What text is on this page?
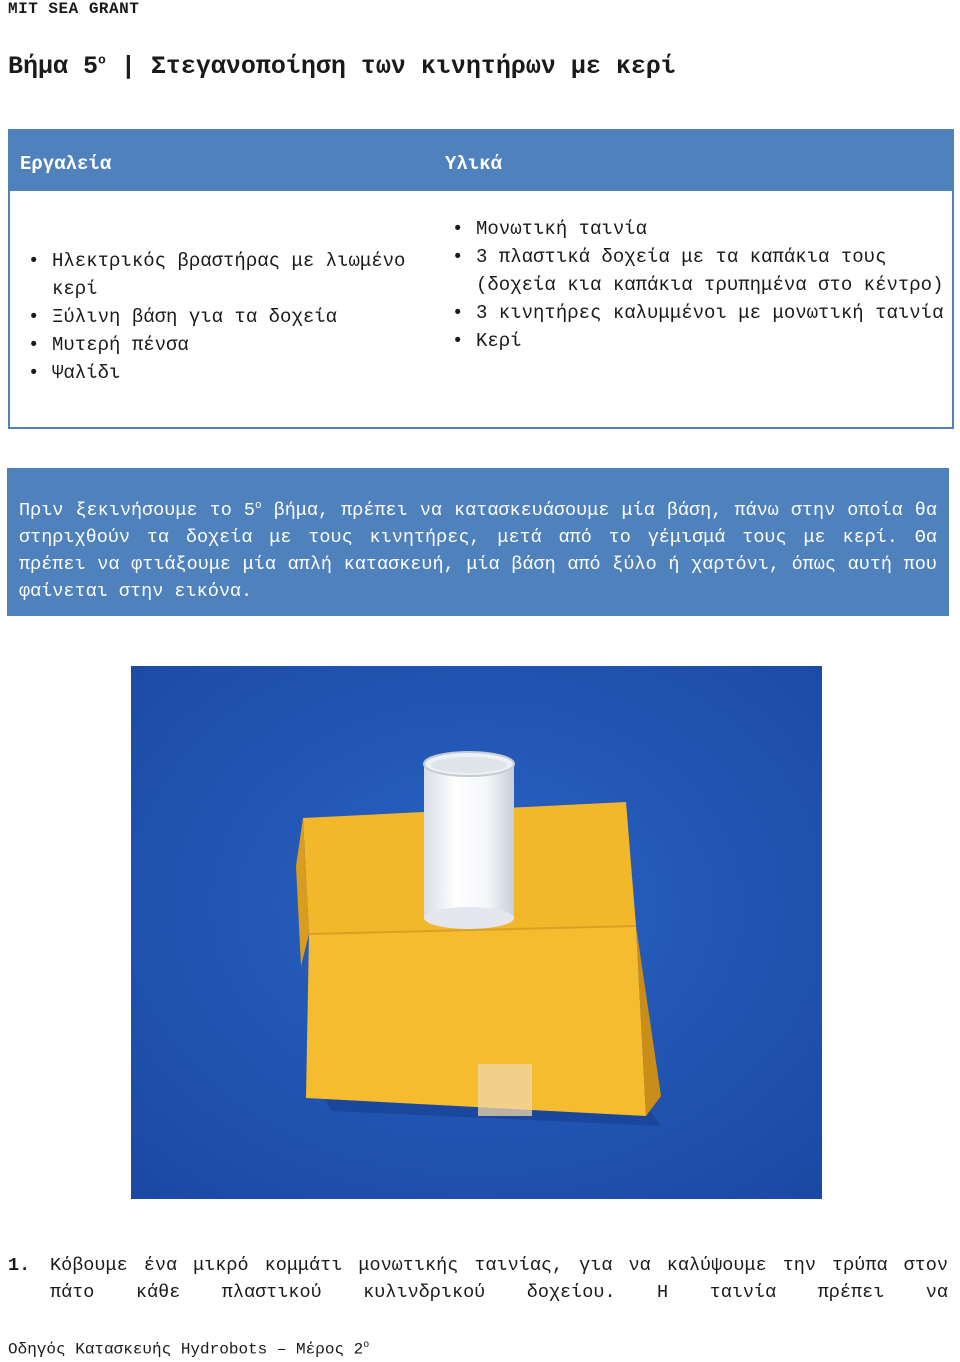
MIT SEA GRANT
Βήμα $5^o$ | Στεγανοποίηση των κινητήρων με κερί
Εργαλεία	Υλικά
• Ηλεκτρικός βραστήρας με λιωμένο κερί
• Ξύλινη βάση για τα δοχεία
• Μυτερή πένσα
• Ψαλίδι
• Μονωτική ταινία
• 3 πλαστικά δοχεία με τα καπάκια τους (δοχεία κια καπάκια τρυπημένα στο κέντρο)
• 3 κινητήρες καλυμμένοι με μονωτική ταινία
• Κερί
Πριν ξεκινήσουμε το $5^o$ βήμα, πρέπει να κατασκευάσουμε μία βάση, πάνω στην οποία θα στηριχθούν τα δοχεία με τους κινητήρες, μετά από το γέμισμά τους με κερί. Θα πρέπει να φτιάξουμε μία απλή κατασκευή, μία βάση από ξύλο ή χαρτόνι, όπως αυτή που φαίνεται στην εικόνα.
1. Κόβουμε ένα μικρό κομμάτι μονωτικής ταινίας, για να καλύψουμε την τρύπα στον πάτο κάθε πλαστικού κυλινδρικού δοχείου. Η ταινία πρέπει να
Οδηγός Κατασκευής Hydrobots – Μέρος $2^o$
